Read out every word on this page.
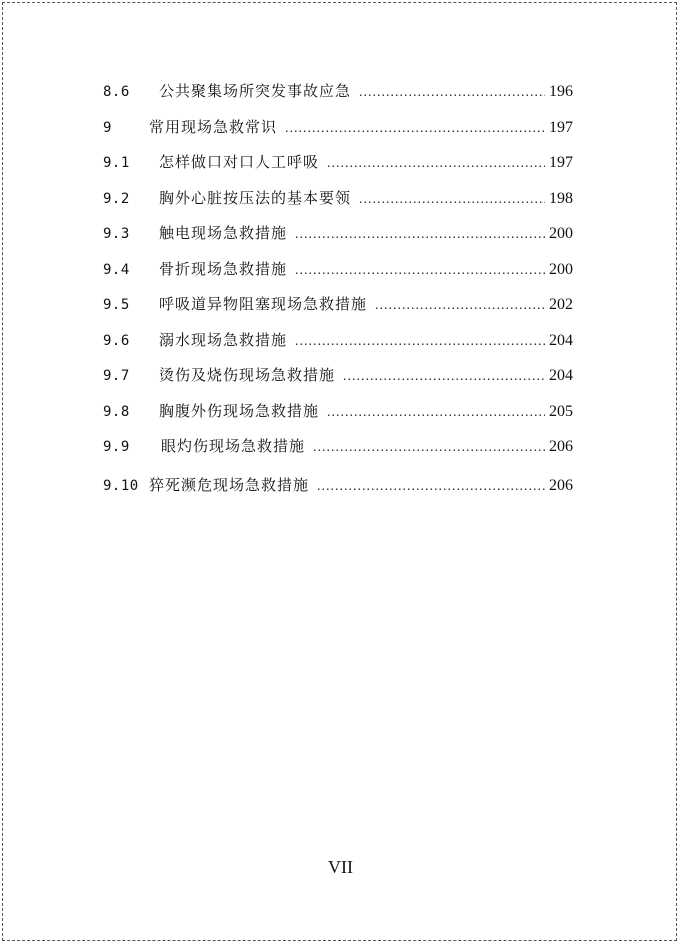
8.6	公共聚集场所突发事故应急 .....	196
9	常用现场急救常识 .....	197
9.1	怎样做口对口人工呼吸 .....	197
9.2	胸外心脏按压法的基本要领 .....	198
9.3	触电现场急救措施 .....	200
9.4	骨折现场急救措施 .....	200
9.5	呼吸道异物阻塞现场急救措施 .....	202
9.6	溺水现场急救措施 .....	204
9.7	烫伤及烧伤现场急救措施 .....	204
9.8	胸腹外伤现场急救措施 .....	205
9.9	眼灼伤现场急救措施 .....	206
9.10 猝死濒危现场急救措施 .....	206
VII
